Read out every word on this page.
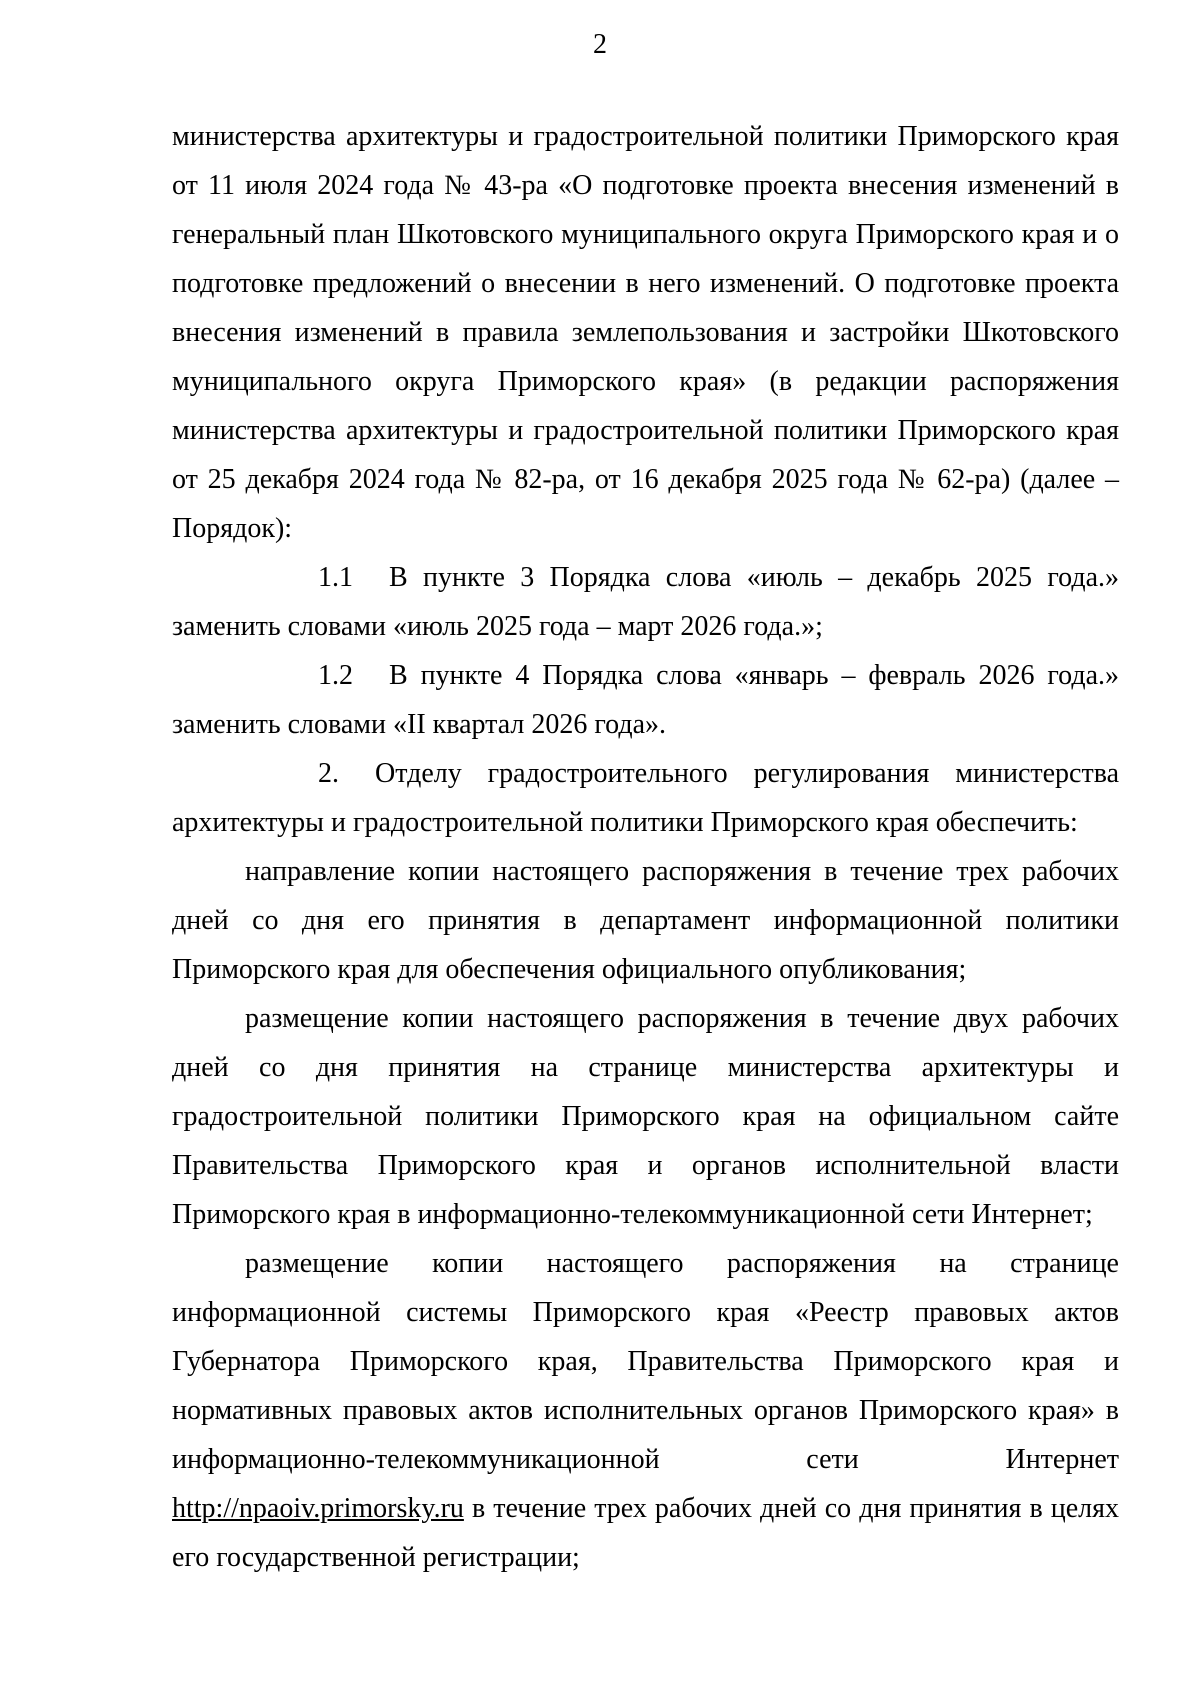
2

министерства архитектуры и градостроительной политики Приморского края от 11 июля 2024 года № 43-ра «О подготовке проекта внесения изменений в генеральный план Шкотовского муниципального округа Приморского края и о подготовке предложений о внесении в него изменений. О подготовке проекта внесения изменений в правила землепользования и застройки Шкотовского муниципального округа Приморского края» (в редакции распоряжения министерства архитектуры и градостроительной политики Приморского края от 25 декабря 2024 года № 82-ра, от 16 декабря 2025 года № 62-ра) (далее – Порядок):

1.1 В пункте 3 Порядка слова «июль – декабрь 2025 года.» заменить словами «июль 2025 года – март 2026 года.»;

1.2 В пункте 4 Порядка слова «январь – февраль 2026 года.» заменить словами «II квартал 2026 года».

2. Отделу градостроительного регулирования министерства архитектуры и градостроительной политики Приморского края обеспечить:

направление копии настоящего распоряжения в течение трех рабочих дней со дня его принятия в департамент информационной политики Приморского края для обеспечения официального опубликования;

размещение копии настоящего распоряжения в течение двух рабочих дней со дня принятия на странице министерства архитектуры и градостроительной политики Приморского края на официальном сайте Правительства Приморского края и органов исполнительной власти Приморского края в информационно-телекоммуникационной сети Интернет;

размещение копии настоящего распоряжения на странице информационной системы Приморского края «Реестр правовых актов Губернатора Приморского края, Правительства Приморского края и нормативных правовых актов исполнительных органов Приморского края» в информационно-телекоммуникационной сети Интернет http://npaoiv.primorsky.ru в течение трех рабочих дней со дня принятия в целях его государственной регистрации;
